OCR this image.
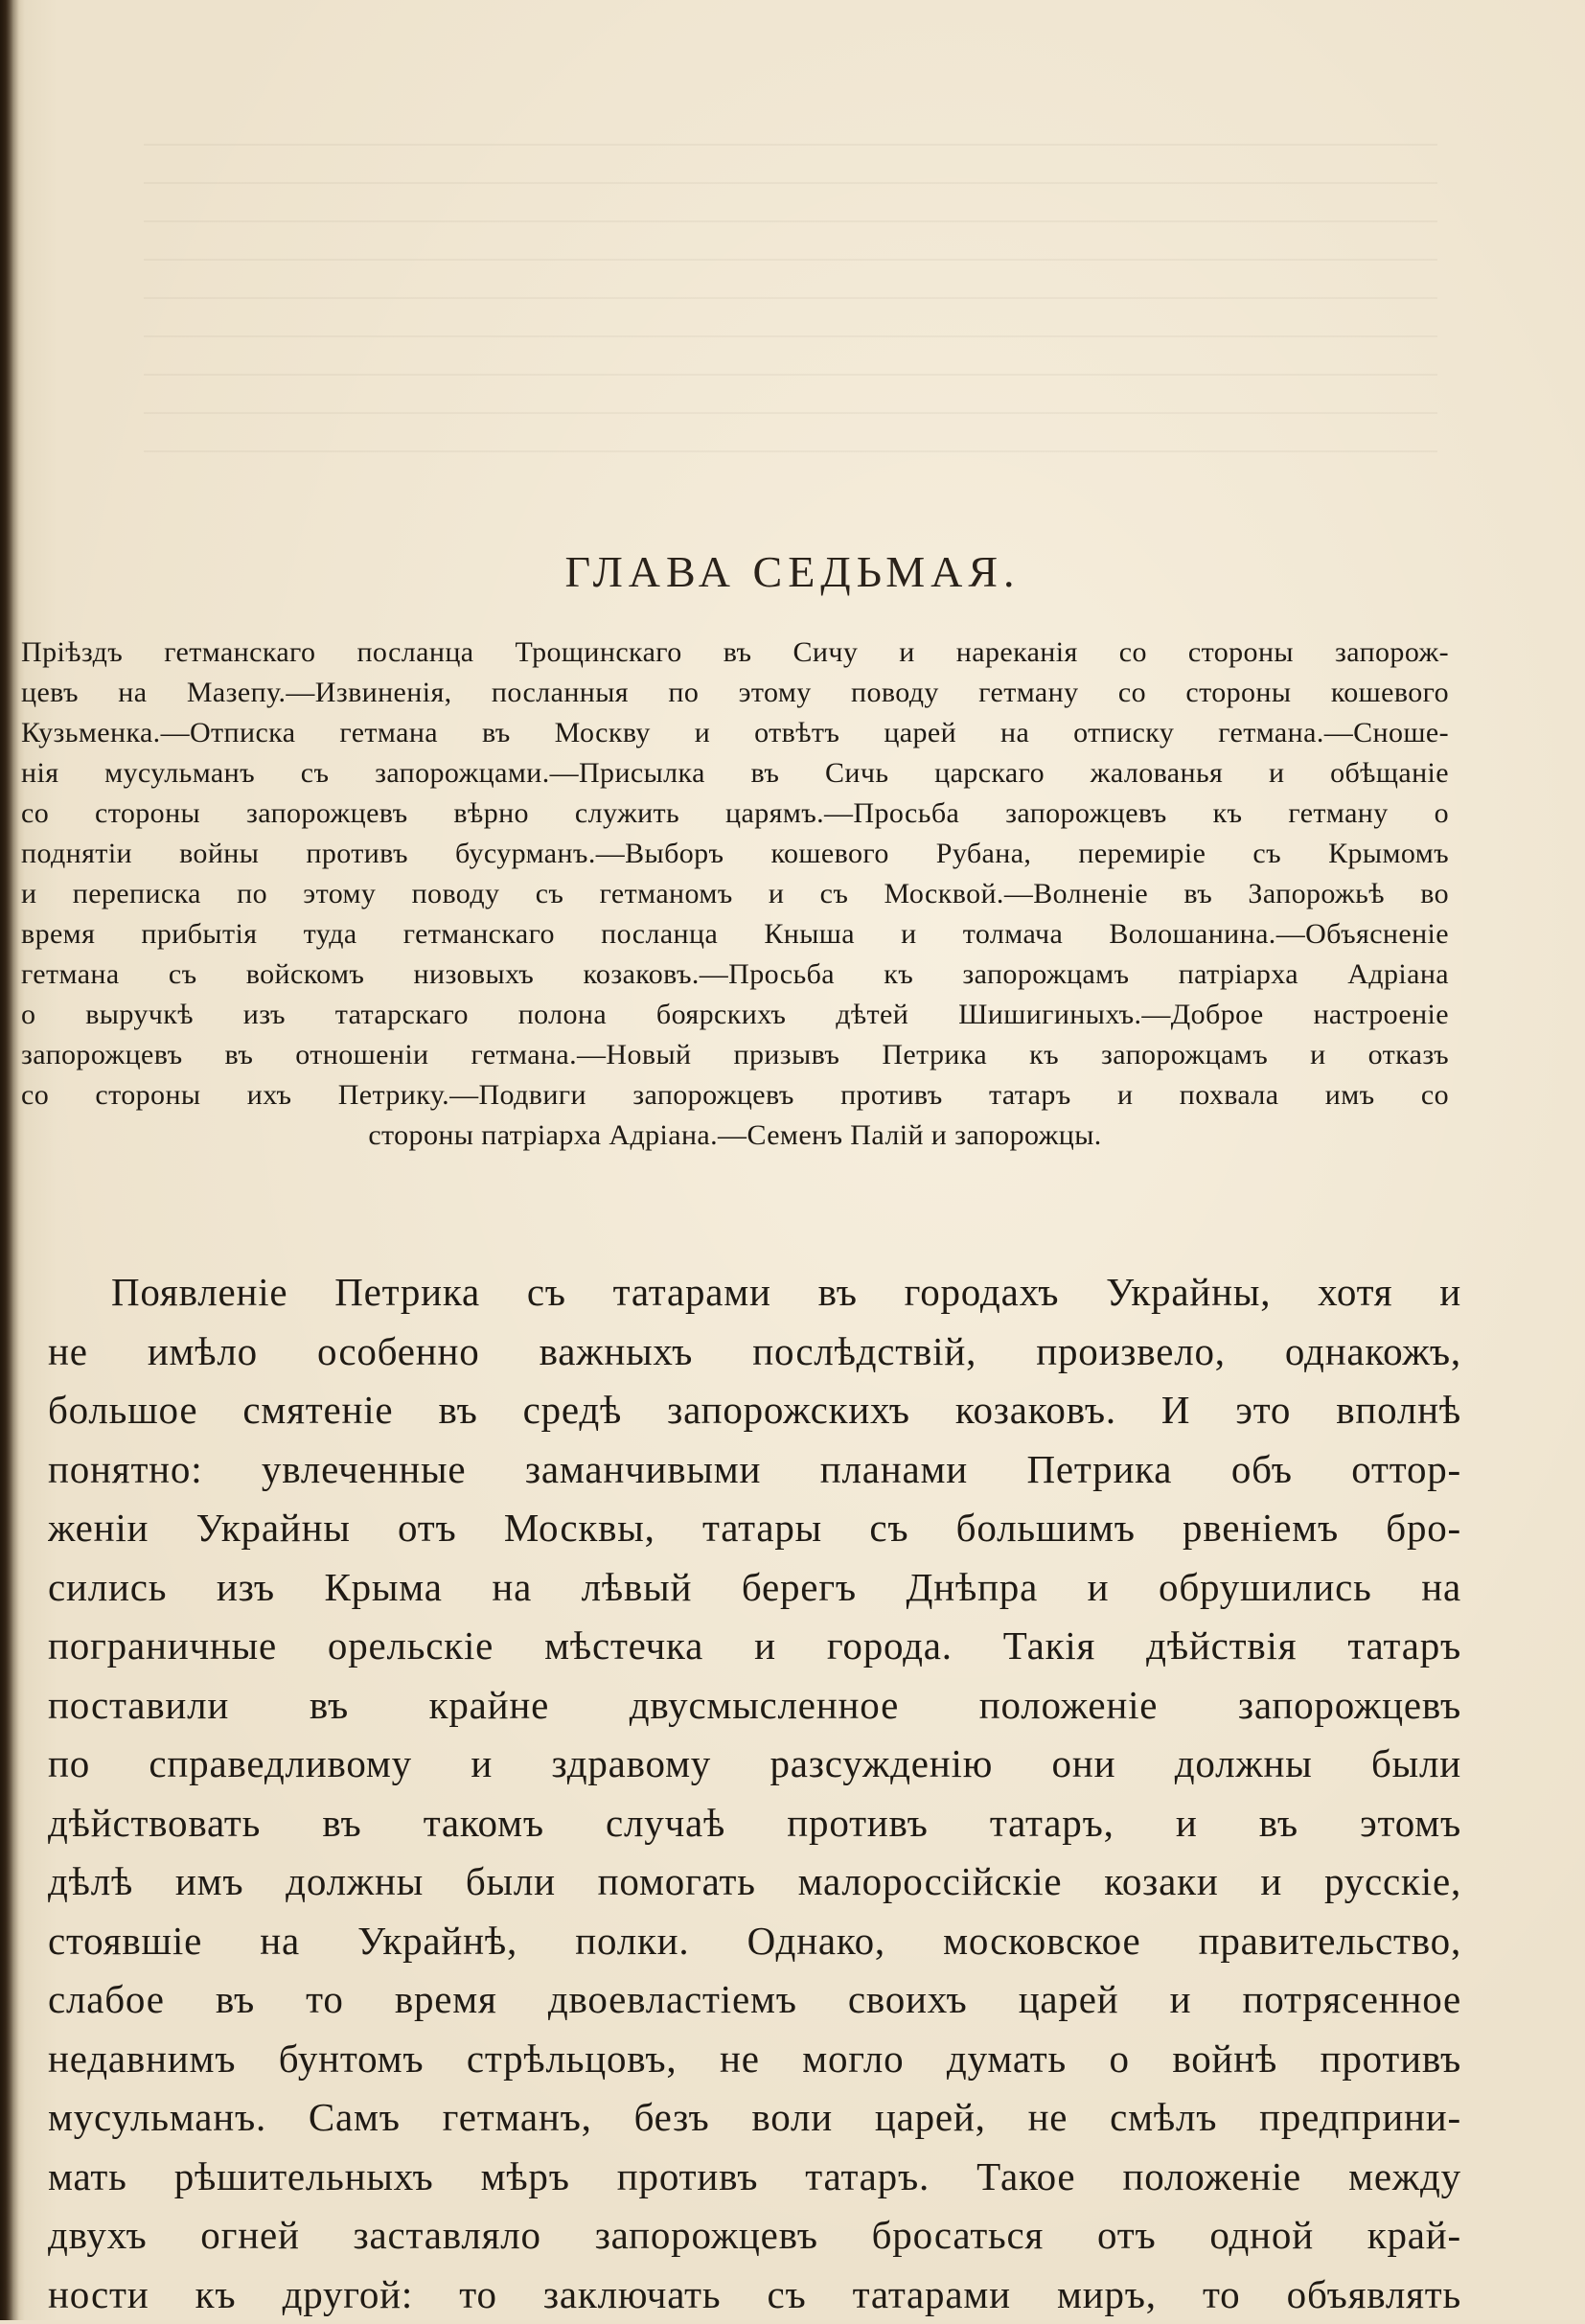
ГЛАВА СЕДЬМАЯ.
Пріѣздъ гетманскаго посланца Трощинскаго въ Сичу и нареканія со стороны запорож-
цевъ на Мазепу.—Извиненія, посланныя по этому поводу гетману со стороны кошевого
Кузьменка.—Отписка гетмана въ Москву и отвѣтъ царей на отписку гетмана.—Сноше-
нія мусульманъ съ запорожцами.—Присылка въ Сичь царскаго жалованья и обѣщаніе
со стороны запорожцевъ вѣрно служить царямъ.—Просьба запорожцевъ къ гетману о
поднятіи войны противъ бусурманъ.—Выборъ кошевого Рубана, перемиріе съ Крымомъ
и переписка по этому поводу съ гетманомъ и съ Москвой.—Волненіе въ Запорожьѣ во
время прибытія туда гетманскаго посланца Кныша и толмача Волошанина.—Объясненіе
гетмана съ войскомъ низовыхъ козаковъ.—Просьба къ запорожцамъ патріарха Адріана
о выручкѣ изъ татарскаго полона боярскихъ дѣтей Шишигиныхъ.—Доброе настроеніе
запорожцевъ въ отношеніи гетмана.—Новый призывъ Петрика къ запорожцамъ и отказъ
со стороны ихъ Петрику.—Подвиги запорожцевъ противъ татаръ и похвала имъ со
стороны патріарха Адріана.—Семенъ Палій и запорожцы.
Появленіе Петрика съ татарами въ городахъ Украйны, хотя и
не имѣло особенно важныхъ послѣдствій, произвело, однакожъ,
большое смятеніе въ средѣ запорожскихъ козаковъ. И это вполнѣ
понятно: увлеченные заманчивыми планами Петрика объ оттор-
женіи Украйны отъ Москвы, татары съ большимъ рвеніемъ бро-
сились изъ Крыма на лѣвый берегъ Днѣпра и обрушились на
пограничные орельскіе мѣстечка и города. Такія дѣйствія татаръ
поставили въ крайне двусмысленное положеніе запорожцевъ
по справедливому и здравому разсужденію они должны были
дѣйствовать въ такомъ случаѣ противъ татаръ, и въ этомъ
дѣлѣ имъ должны были помогать малороссійскіе козаки и русскіе,
стоявшіе на Украйнѣ, полки. Однако, московское правительство,
слабое въ то время двоевластіемъ своихъ царей и потрясенное
недавнимъ бунтомъ стрѣльцовъ, не могло думать о войнѣ противъ
мусульманъ. Самъ гетманъ, безъ воли царей, не смѣлъ предприни-
мать рѣшительныхъ мѣръ противъ татаръ. Такое положеніе между
двухъ огней заставляло запорожцевъ бросаться отъ одной край-
ности къ другой: то заключать съ татарами миръ, то объявлять
